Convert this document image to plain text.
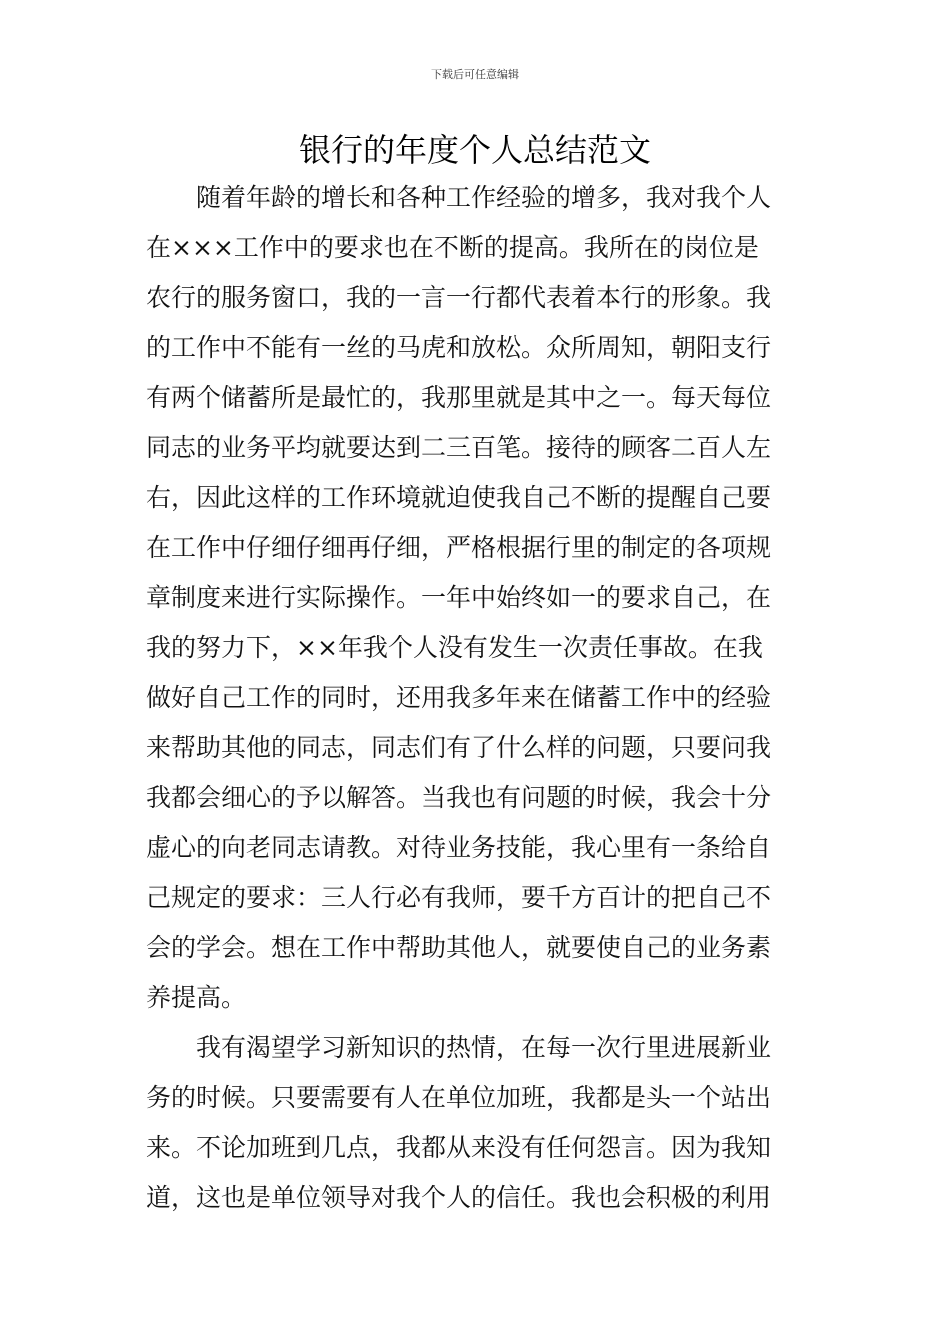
下载后可任意编辑
银行的年度个人总结范文
　　随着年龄的增长和各种工作经验的增多，我对我个人
在×××工作中的要求也在不断的提高。我所在的岗位是
农行的服务窗口，我的一言一行都代表着本行的形象。我
的工作中不能有一丝的马虎和放松。众所周知，朝阳支行
有两个储蓄所是最忙的，我那里就是其中之一。每天每位
同志的业务平均就要达到二三百笔。接待的顾客二百人左
右，因此这样的工作环境就迫使我自己不断的提醒自己要
在工作中仔细仔细再仔细，严格根据行里的制定的各项规
章制度来进行实际操作。一年中始终如一的要求自己，在
我的努力下，××年我个人没有发生一次责任事故。在我
做好自己工作的同时，还用我多年来在储蓄工作中的经验
来帮助其他的同志，同志们有了什么样的问题，只要问我
我都会细心的予以解答。当我也有问题的时候，我会十分
虚心的向老同志请教。对待业务技能，我心里有一条给自
己规定的要求：三人行必有我师，要千方百计的把自己不
会的学会。想在工作中帮助其他人，就要使自己的业务素
养提高。
　　我有渴望学习新知识的热情，在每一次行里进展新业
务的时候。只要需要有人在单位加班，我都是头一个站出
来。不论加班到几点，我都从来没有任何怨言。因为我知
道，这也是单位领导对我个人的信任。我也会积极的利用
